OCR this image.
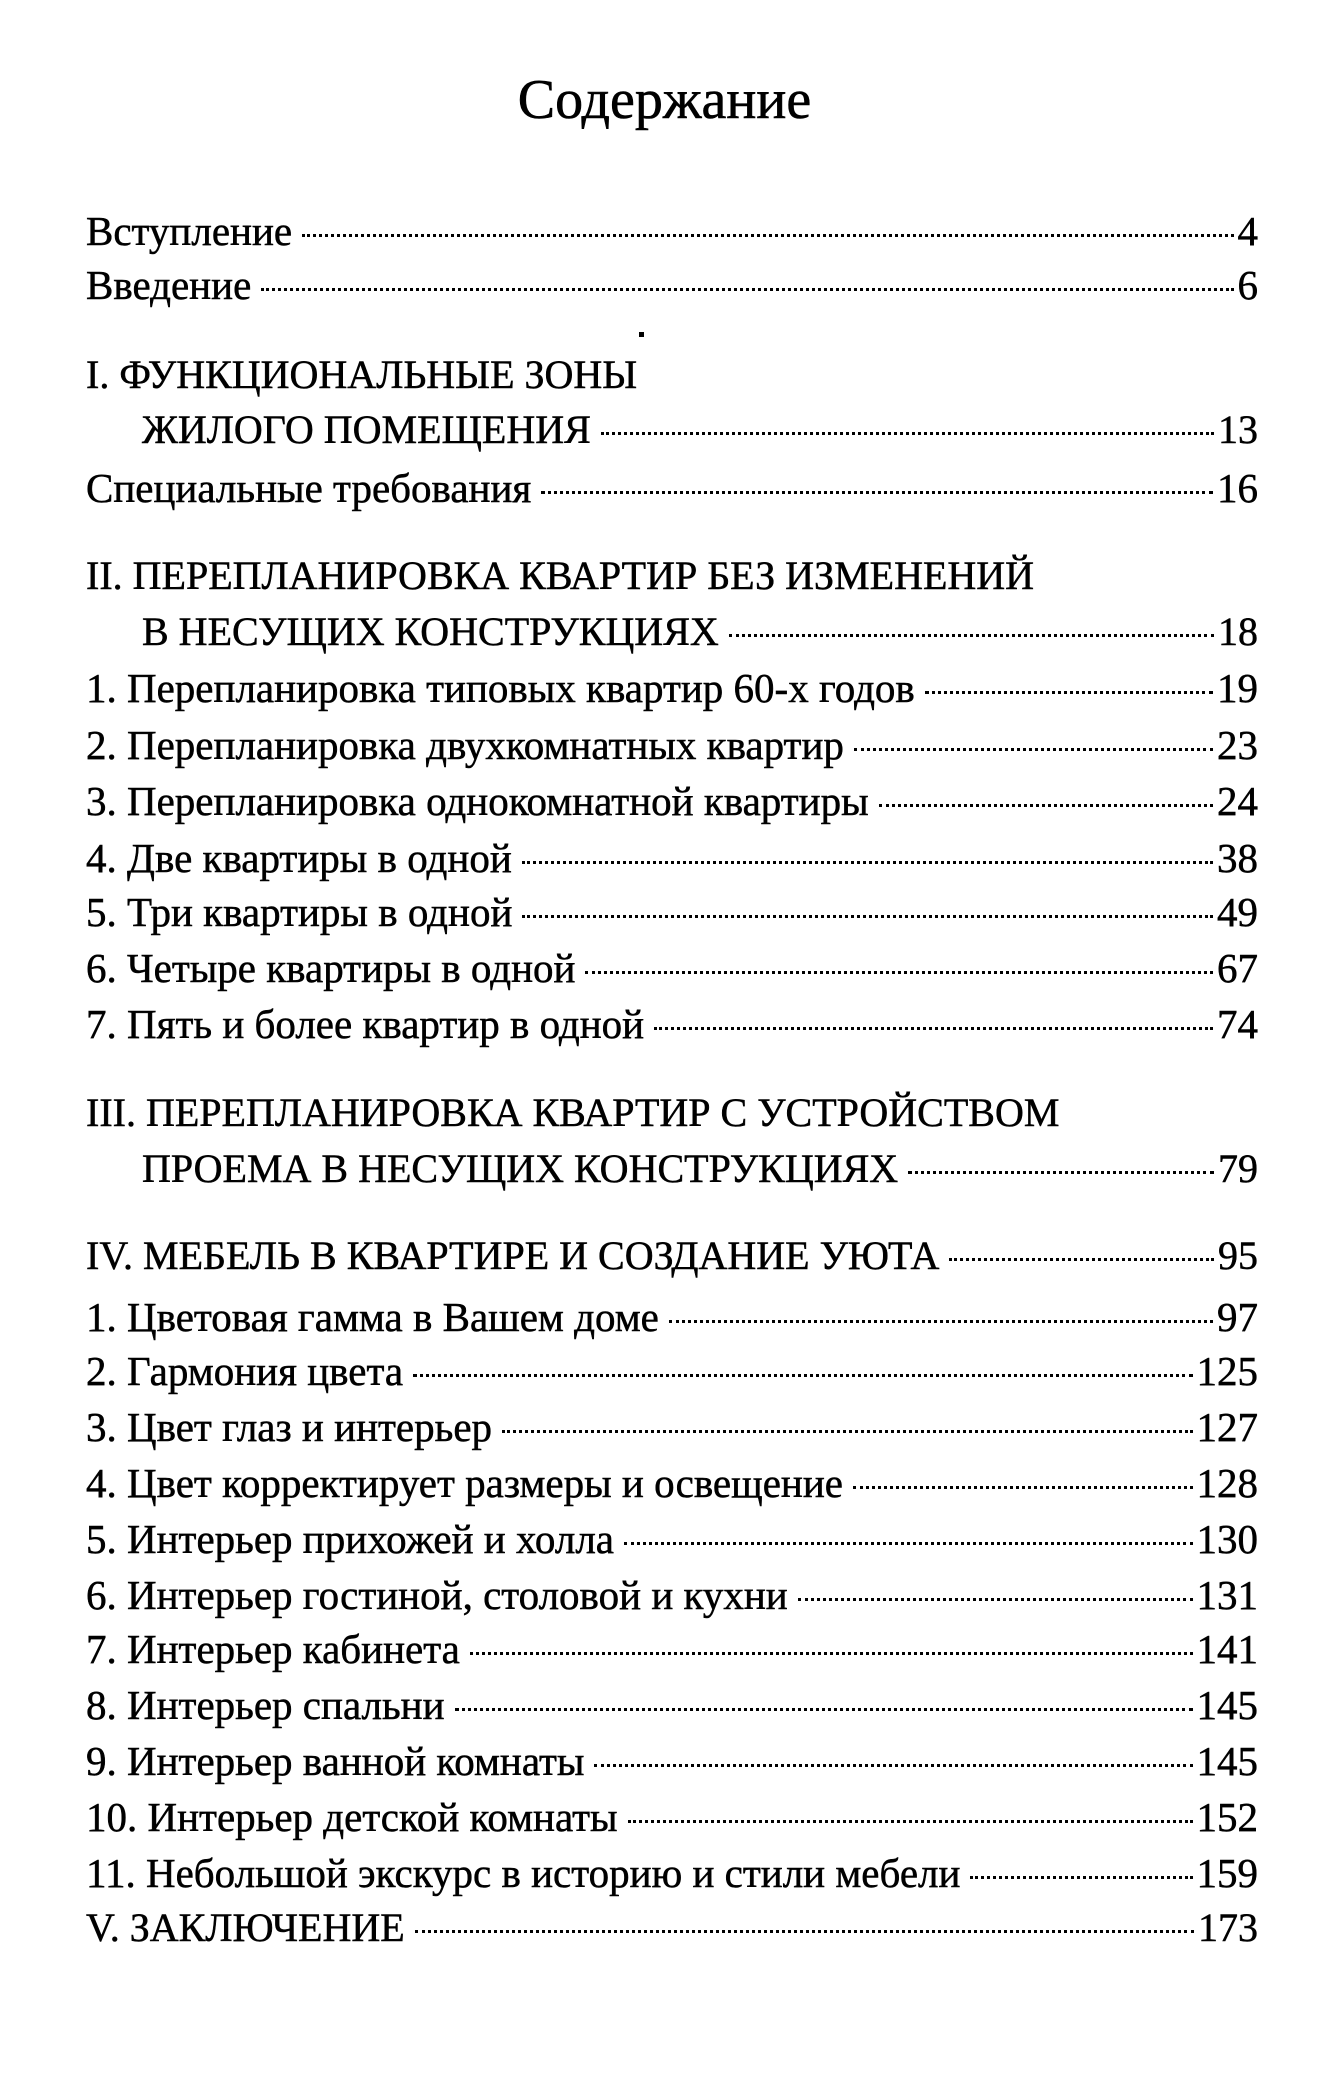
Содержание
Вступление	4
Введение	6
I. ФУНКЦИОНАЛЬНЫЕ ЗОНЫ
ЖИЛОГО ПОМЕЩЕНИЯ	13
Специальные требования	16
II. ПЕРЕПЛАНИРОВКА КВАРТИР БЕЗ ИЗМЕНЕНИЙ
В НЕСУЩИХ КОНСТРУКЦИЯХ	18
1. Перепланировка типовых квартир 60-х годов	19
2. Перепланировка двухкомнатных квартир	23
3. Перепланировка однокомнатной квартиры	24
4. Две квартиры в одной	38
5. Три квартиры в одной	49
6. Четыре квартиры в одной	67
7. Пять и более квартир в одной	74
III. ПЕРЕПЛАНИРОВКА КВАРТИР С УСТРОЙСТВОМ
ПРОЕМА В НЕСУЩИХ КОНСТРУКЦИЯХ	79
IV. МЕБЕЛЬ В КВАРТИРЕ И СОЗДАНИЕ УЮТА	95
1. Цветовая гамма в Вашем доме	97
2. Гармония цвета	125
3. Цвет глаз и интерьер	127
4. Цвет корректирует размеры и освещение	128
5. Интерьер прихожей и холла	130
6. Интерьер гостиной, столовой и кухни	131
7. Интерьер кабинета	141
8. Интерьер спальни	145
9. Интерьер ванной комнаты	145
10. Интерьер детской комнаты	152
11. Небольшой экскурс в историю и стили мебели	159
V. ЗАКЛЮЧЕНИЕ	173
